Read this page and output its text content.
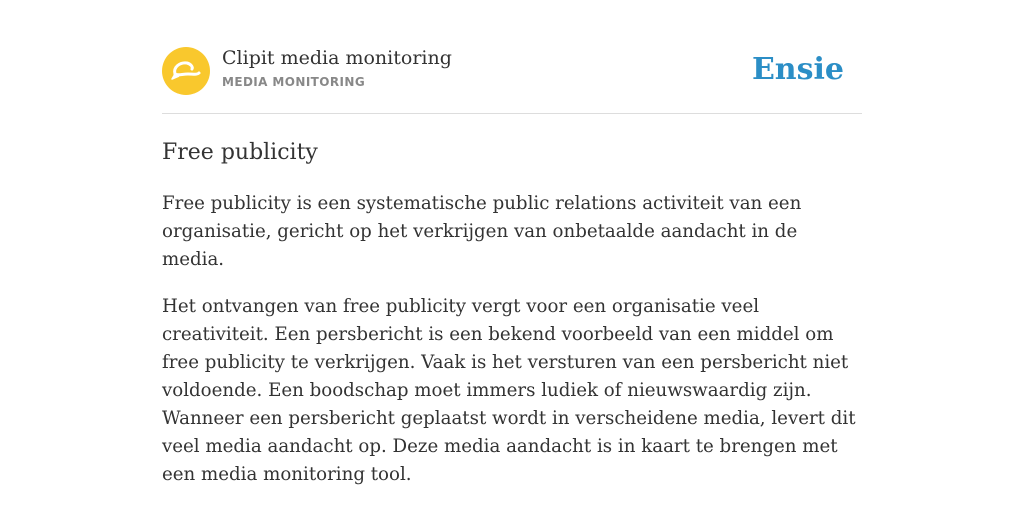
Clipit media monitoring
MEDIA MONITORING	Ensie
Free publicity

Free publicity is een systematische public relations activiteit van een organisatie, gericht op het verkrijgen van onbetaalde aandacht in de media.

Het ontvangen van free publicity vergt voor een organisatie veel creativiteit. Een persbericht is een bekend voorbeeld van een middel om free publicity te verkrijgen. Vaak is het versturen van een persbericht niet voldoende. Een boodschap moet immers ludiek of nieuwswaardig zijn. Wanneer een persbericht geplaatst wordt in verscheidene media, levert dit veel media aandacht op. Deze media aandacht is in kaart te brengen met een media monitoring tool.
